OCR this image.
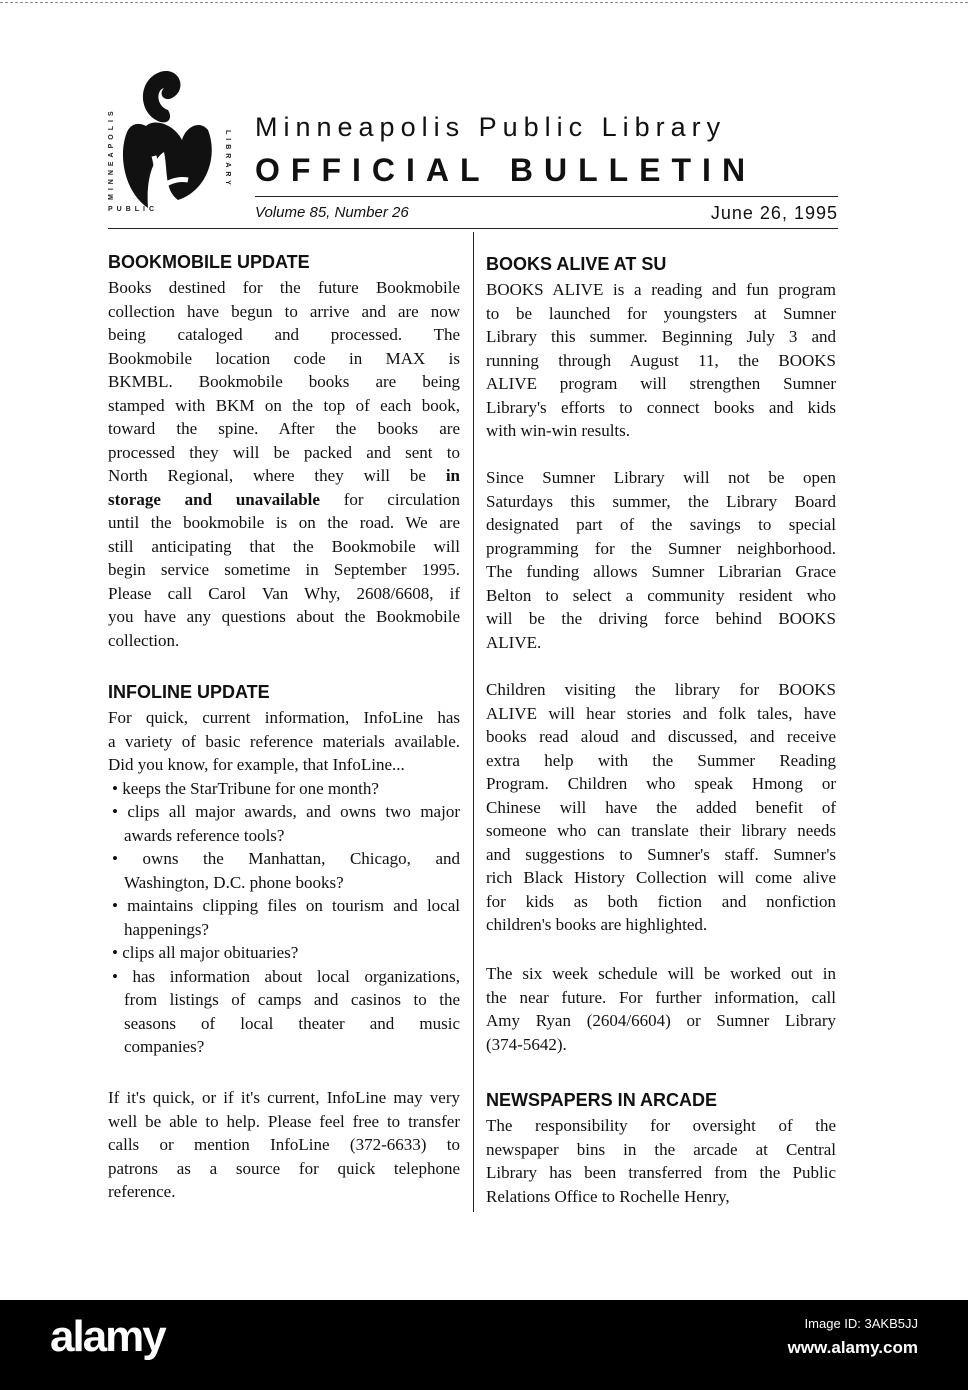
MINNEAPOLIS
PUBLIC
LIBRARY
Minneapolis Public Library
OFFICIAL BULLETIN
Volume 85, Number 26	June 26, 1995
BOOKMOBILE UPDATE
Books destined for the future Bookmobile
collection have begun to arrive and are now
being cataloged and processed. The
Bookmobile location code in MAX is
BKMBL. Bookmobile books are being
stamped with BKM on the top of each book,
toward the spine. After the books are
processed they will be packed and sent to
North Regional, where they will be in
storage and unavailable for circulation
until the bookmobile is on the road. We are
still anticipating that the Bookmobile will
begin service sometime in September 1995.
Please call Carol Van Why, 2608/6608, if
you have any questions about the Bookmobile
collection.
INFOLINE UPDATE
For quick, current information, InfoLine has
a variety of basic reference materials available.
Did you know, for example, that InfoLine...
• keeps the StarTribune for one month?
• clips all major awards, and owns two major
awards reference tools?
• owns the Manhattan, Chicago, and
Washington, D.C. phone books?
• maintains clipping files on tourism and local
happenings?
• clips all major obituaries?
• has information about local organizations,
from listings of camps and casinos to the
seasons of local theater and music
companies?
If it's quick, or if it's current, InfoLine may very
well be able to help. Please feel free to transfer
calls or mention InfoLine (372-6633) to
patrons as a source for quick telephone
reference.
BOOKS ALIVE AT SU
BOOKS ALIVE is a reading and fun program
to be launched for youngsters at Sumner
Library this summer. Beginning July 3 and
running through August 11, the BOOKS
ALIVE program will strengthen Sumner
Library's efforts to connect books and kids
with win-win results.
Since Sumner Library will not be open
Saturdays this summer, the Library Board
designated part of the savings to special
programming for the Sumner neighborhood.
The funding allows Sumner Librarian Grace
Belton to select a community resident who
will be the driving force behind BOOKS
ALIVE.
Children visiting the library for BOOKS
ALIVE will hear stories and folk tales, have
books read aloud and discussed, and receive
extra help with the Summer Reading
Program. Children who speak Hmong or
Chinese will have the added benefit of
someone who can translate their library needs
and suggestions to Sumner's staff. Sumner's
rich Black History Collection will come alive
for kids as both fiction and nonfiction
children's books are highlighted.
The six week schedule will be worked out in
the near future. For further information, call
Amy Ryan (2604/6604) or Sumner Library
(374-5642).
NEWSPAPERS IN ARCADE
The responsibility for oversight of the
newspaper bins in the arcade at Central
Library has been transferred from the Public
Relations Office to Rochelle Henry,
alamy	Image ID: 3AKB5JJ
www.alamy.com
